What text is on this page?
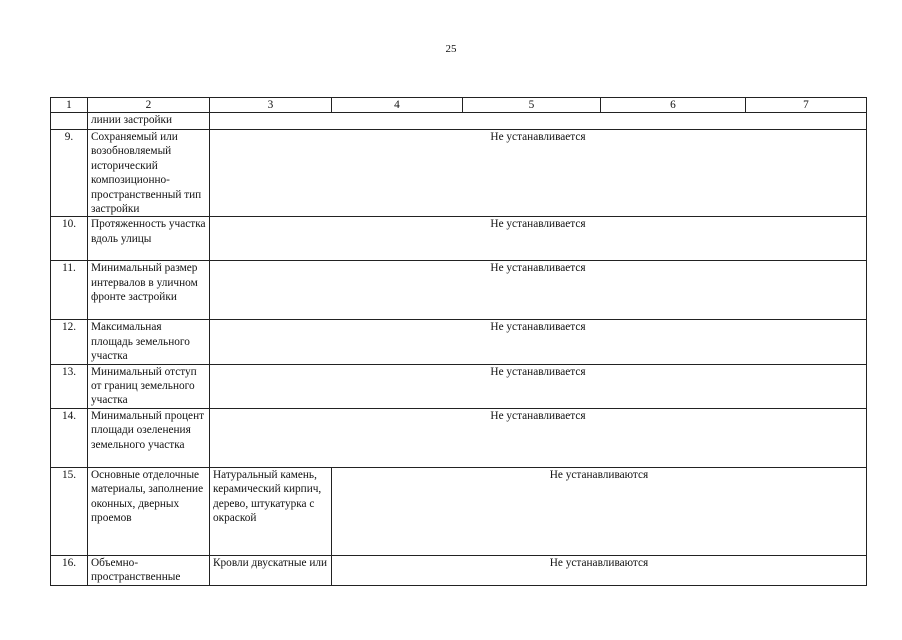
25
1	2	3	4	5	6	7
	линии застройки					
9.	Сохраняемый или возобновляемый исторический композиционно-пространственный тип застройки	Не устанавливается				
10.	Протяженность участка вдоль улицы	Не устанавливается				
11.	Минимальный размер интервалов в уличном фронте застройки	Не устанавливается				
12.	Максимальная площадь земельного участка	Не устанавливается				
13.	Минимальный отступ от границ земельного участка	Не устанавливается				
14.	Минимальный процент площади озеленения земельного участка	Не устанавливается				
15.	Основные отделочные материалы, заполнение оконных, дверных проемов	Натуральный камень, керамический кирпич, дерево, штукатурка с окраской	Не устанавливаются			
16.	Объемно-пространственные	Кровли двускатные или	Не устанавливаются			
